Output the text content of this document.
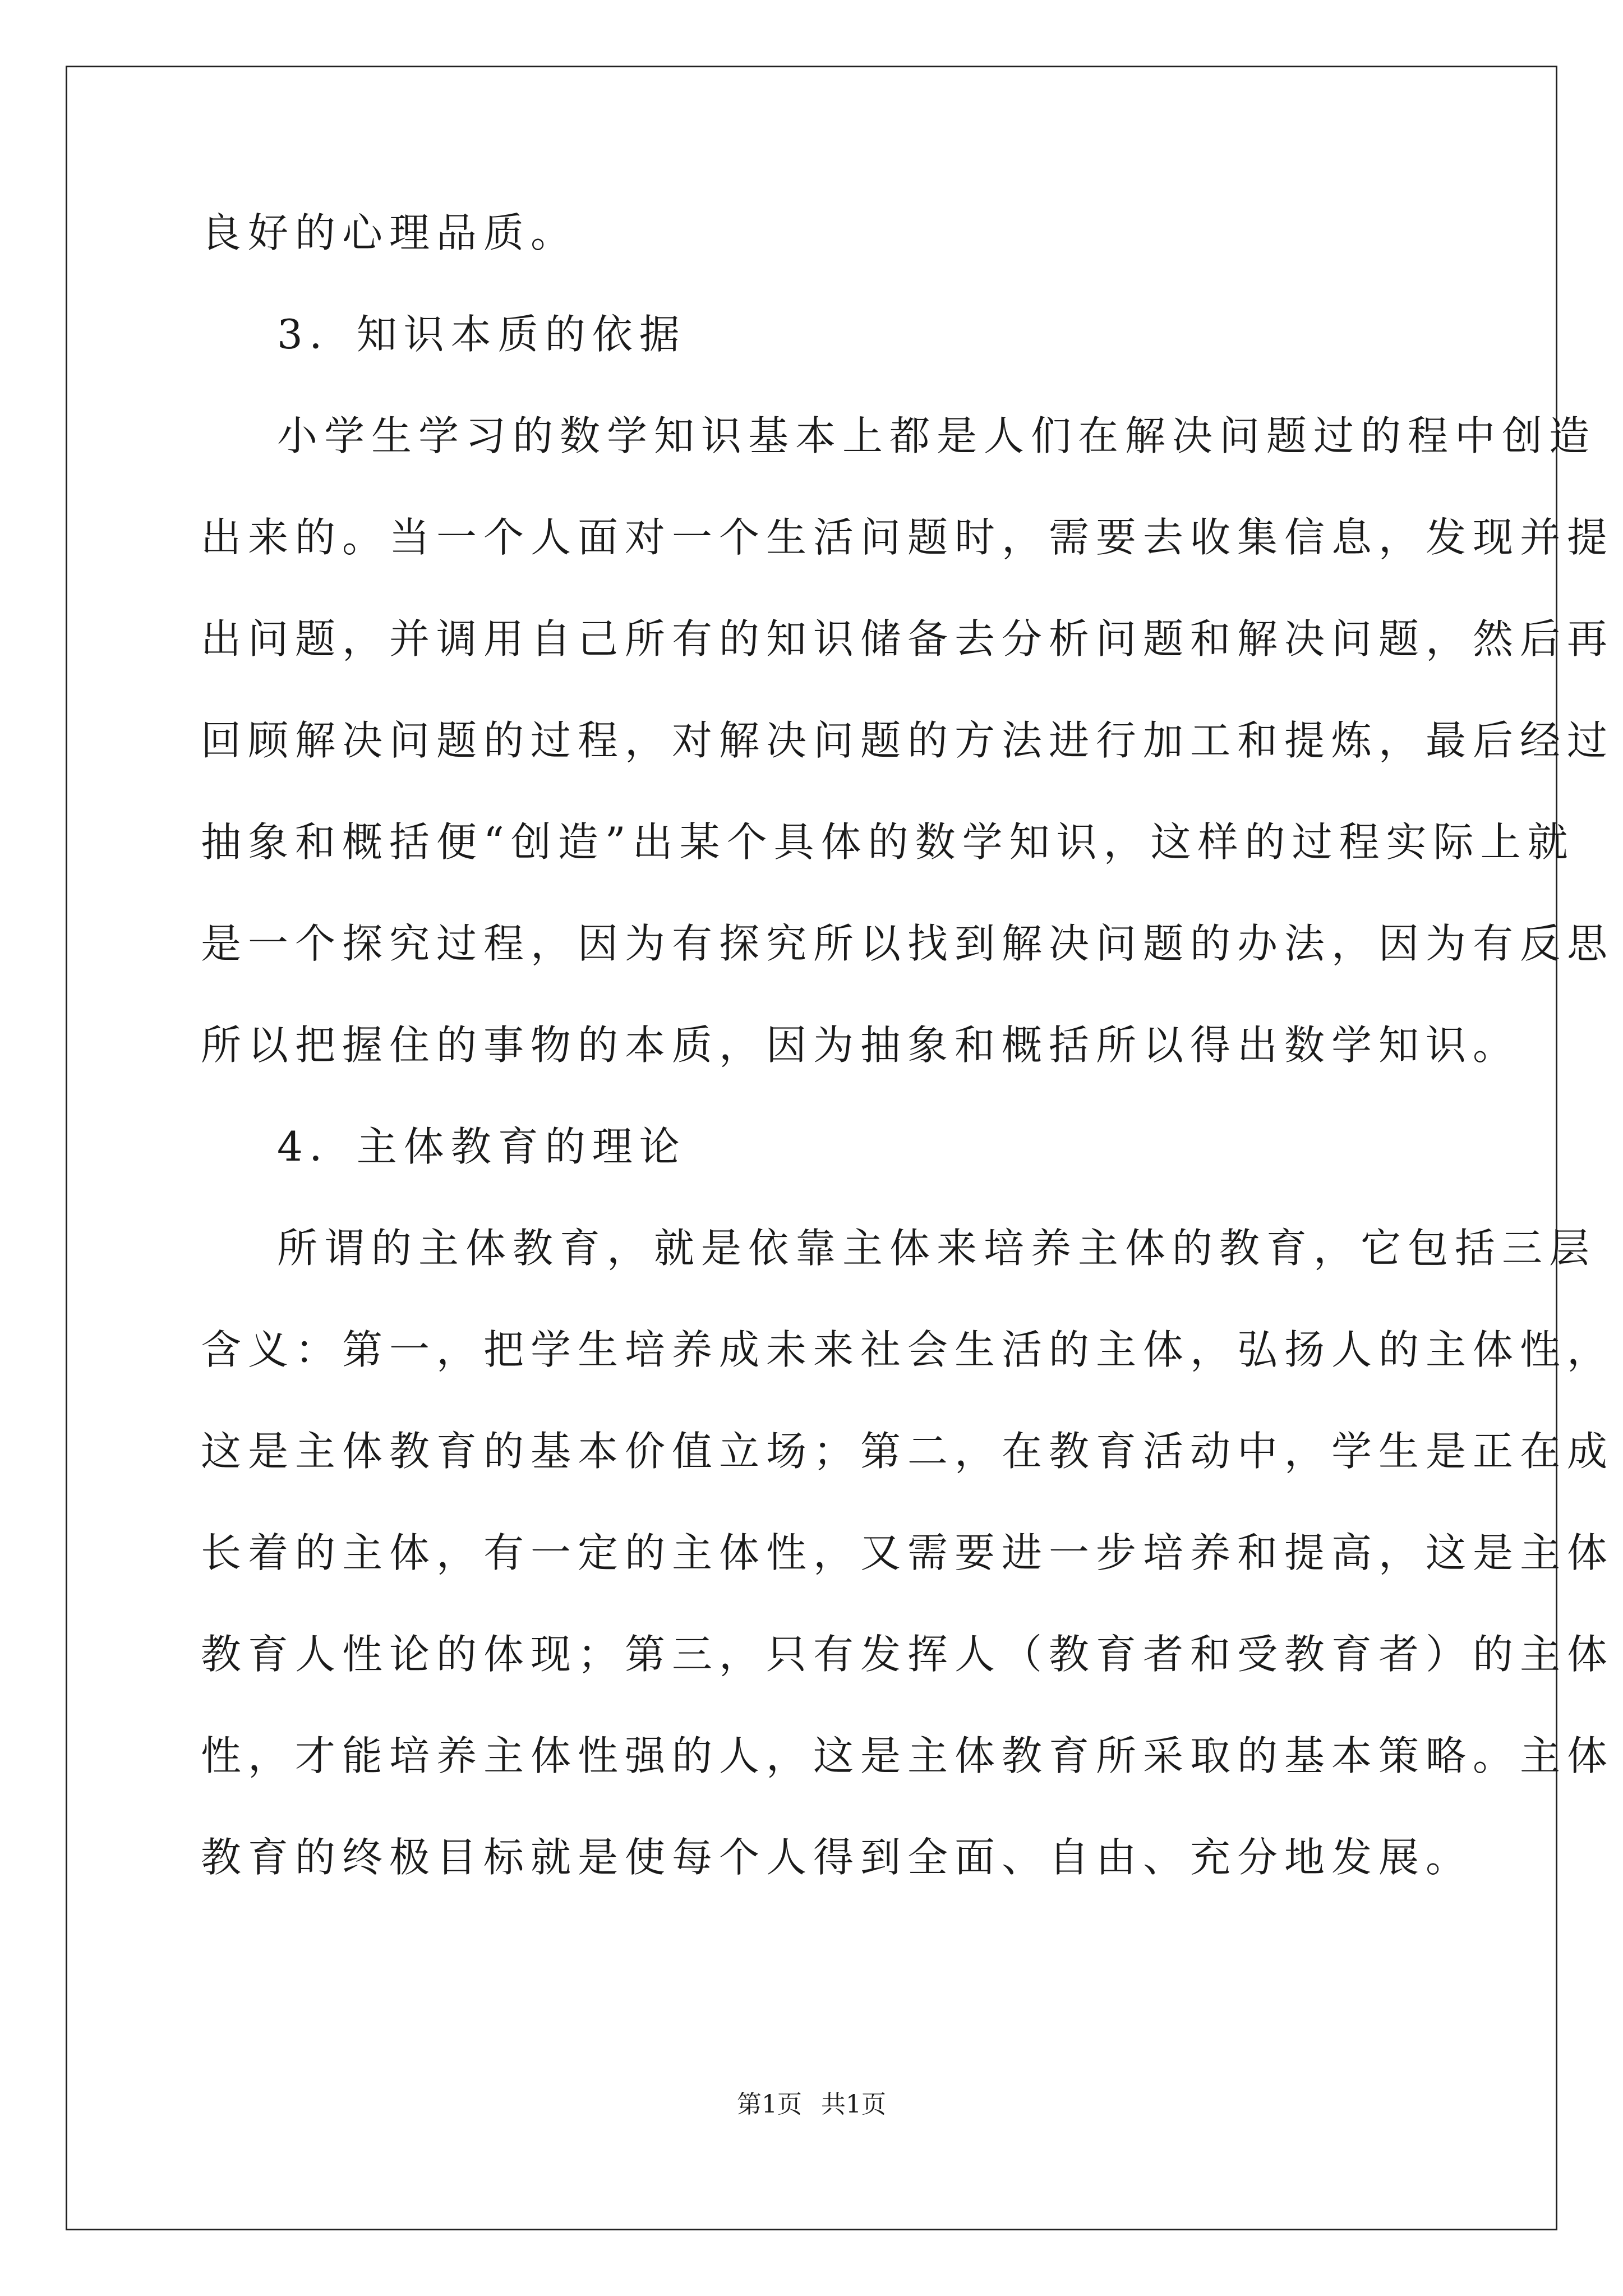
良好的心理品质。
3．知识本质的依据
小学生学习的数学知识基本上都是人们在解决问题过的程中创造
出来的。当一个人面对一个生活问题时，需要去收集信息，发现并提
出问题，并调用自己所有的知识储备去分析问题和解决问题，然后再
回顾解决问题的过程，对解决问题的方法进行加工和提炼，最后经过
抽象和概括便“创造”出某个具体的数学知识，这样的过程实际上就
是一个探究过程，因为有探究所以找到解决问题的办法，因为有反思
所以把握住的事物的本质，因为抽象和概括所以得出数学知识。
4．主体教育的理论
所谓的主体教育，就是依靠主体来培养主体的教育，它包括三层
含义：第一，把学生培养成未来社会生活的主体，弘扬人的主体性，
这是主体教育的基本价值立场；第二，在教育活动中，学生是正在成
长着的主体，有一定的主体性，又需要进一步培养和提高，这是主体
教育人性论的体现；第三，只有发挥人（教育者和受教育者）的主体
性，才能培养主体性强的人，这是主体教育所采取的基本策略。主体
教育的终极目标就是使每个人得到全面、自由、充分地发展。
第1页 共1页
